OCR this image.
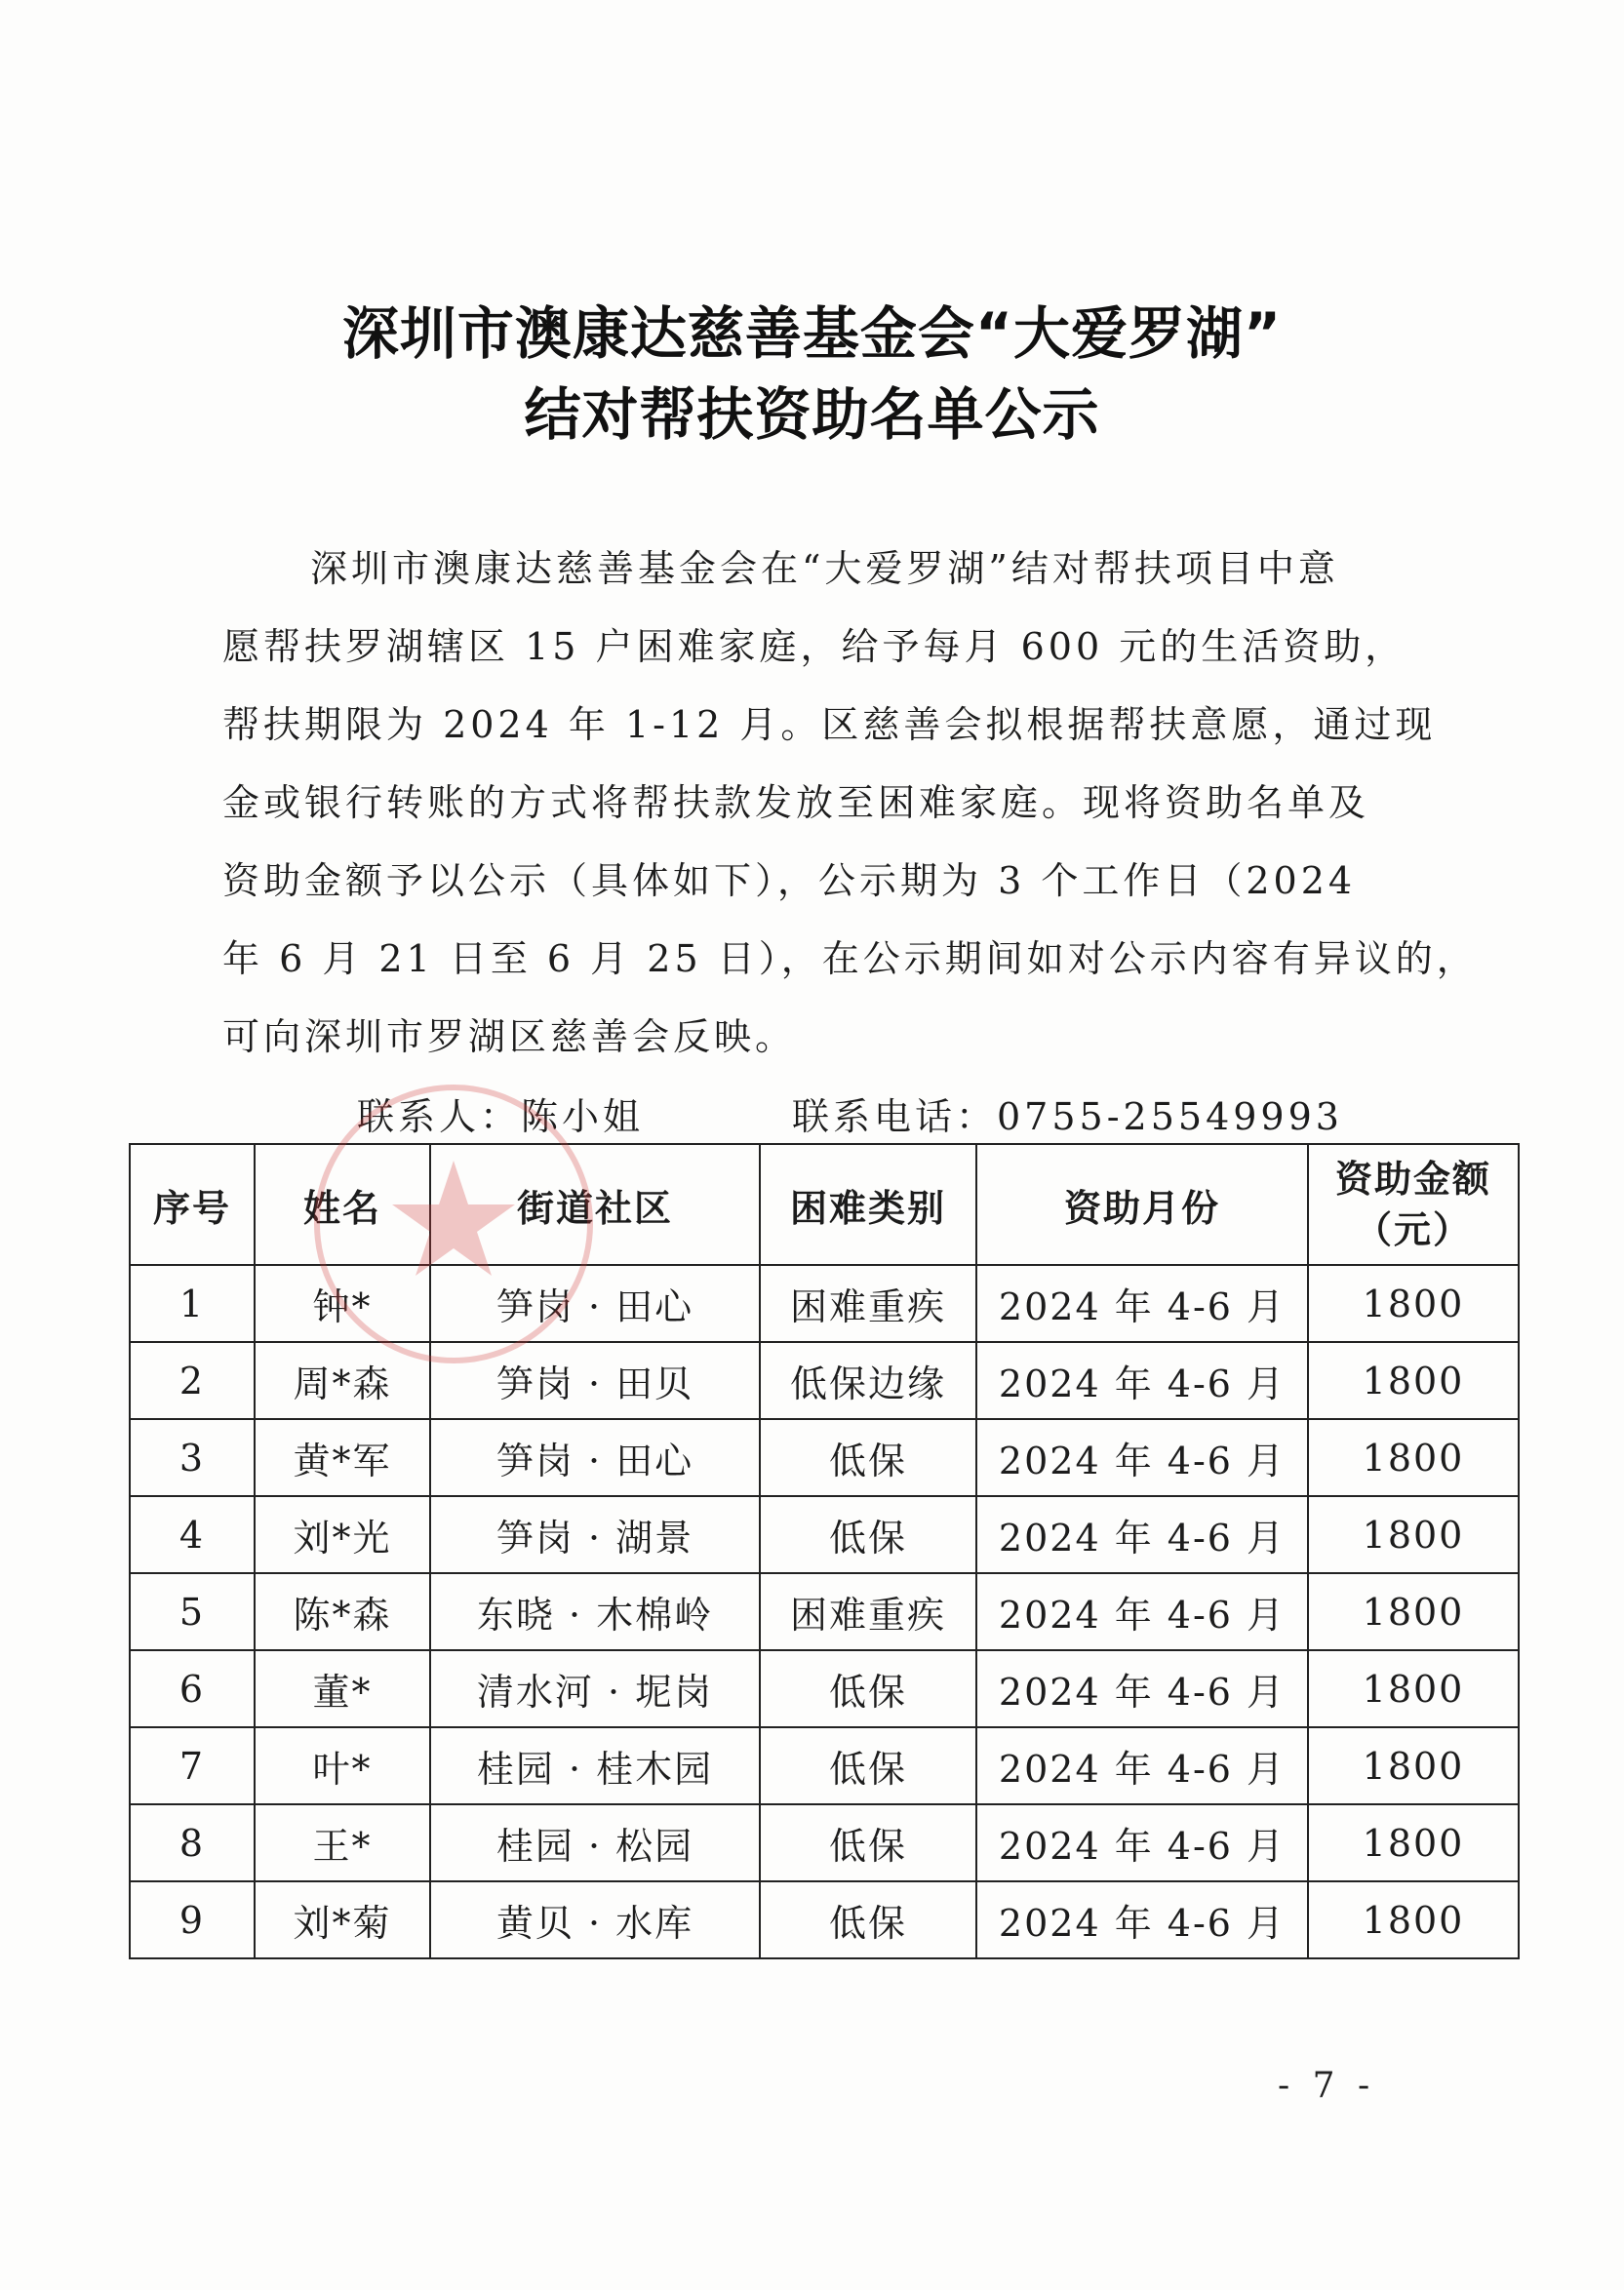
深圳市澳康达慈善基金会“大爱罗湖”
结对帮扶资助名单公示
深圳市澳康达慈善基金会在“大爱罗湖”结对帮扶项目中意
愿帮扶罗湖辖区 15 户困难家庭，给予每月 600 元的生活资助，
帮扶期限为 2024 年 1-12 月。区慈善会拟根据帮扶意愿，通过现
金或银行转账的方式将帮扶款发放至困难家庭。现将资助名单及
资助金额予以公示（具体如下），公示期为 3 个工作日（2024
年 6 月 21 日至 6 月 25 日），在公示期间如对公示内容有异议的，
可向深圳市罗湖区慈善会反映。
联系人：陈小姐	联系电话：0755-25549993
序号	姓名	街道社区	困难类别	资助月份	资助金额
（元）

1	钟*	笋岗 · 田心	困难重疾	2024 年 4-6 月	1800
2	周*森	笋岗 · 田贝	低保边缘	2024 年 4-6 月	1800
3	黄*军	笋岗 · 田心	低保	2024 年 4-6 月	1800
4	刘*光	笋岗 · 湖景	低保	2024 年 4-6 月	1800
5	陈*森	东晓 · 木棉岭	困难重疾	2024 年 4-6 月	1800
6	董*	清水河 · 坭岗	低保	2024 年 4-6 月	1800
7	叶*	桂园 · 桂木园	低保	2024 年 4-6 月	1800
8	王*	桂园 · 松园	低保	2024 年 4-6 月	1800
9	刘*菊	黄贝 · 水库	低保	2024 年 4-6 月	1800
- 7 -
